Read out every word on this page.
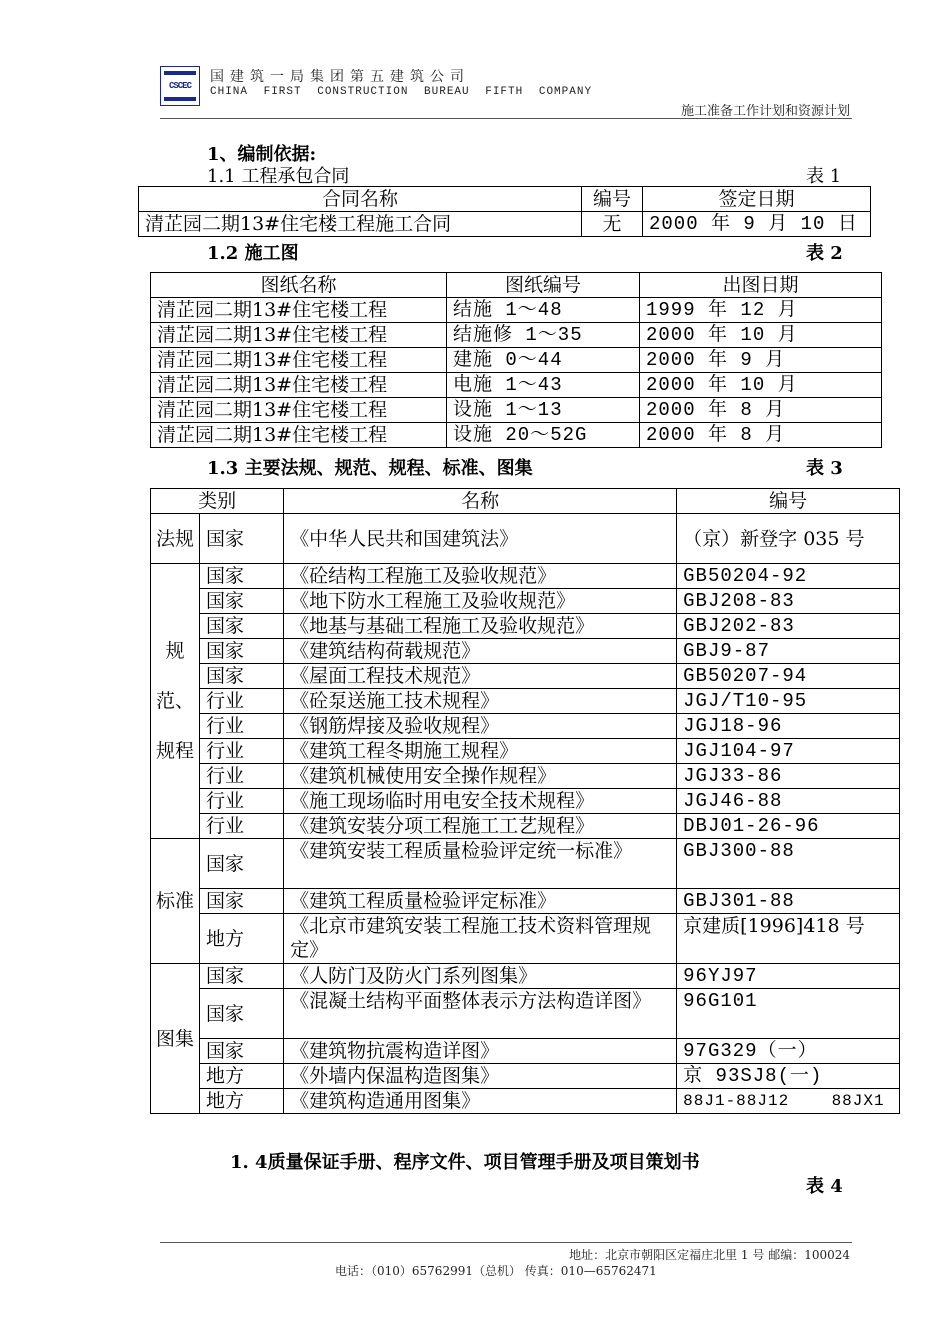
CSCEC
国建筑一局集团第五建筑公司
CHINA FIRST CONSTRUCTION BUREAU FIFTH COMPANY
施工准备工作计划和资源计划
1、编制依据:
1.1 工程承包合同	表 1
合同名称	编号	签定日期
清芷园二期13#住宅楼工程施工合同	无	2000 年 9 月 10 日
1.2 施工图	表 2
图纸名称	图纸编号	出图日期
清芷园二期13#住宅楼工程	结施 1～48	1999 年 12 月
清芷园二期13#住宅楼工程	结施修 1～35	2000 年 10 月
清芷园二期13#住宅楼工程	建施 0～44	2000 年 9 月
清芷园二期13#住宅楼工程	电施 1～43	2000 年 10 月
清芷园二期13#住宅楼工程	设施 1～13	2000 年 8 月
清芷园二期13#住宅楼工程	设施 20～52G	2000 年 8 月
1.3 主要法规、规范、规程、标准、图集	表 3
类别		名称	编号
法规	国家	《中华人民共和国建筑法》	（京）新登字 035 号
规范、规程	国家	《砼结构工程施工及验收规范》	GB50204-92
	国家	《地下防水工程施工及验收规范》	GBJ208-83
	国家	《地基与基础工程施工及验收规范》	GBJ202-83
	国家	《建筑结构荷载规范》	GBJ9-87
	国家	《屋面工程技术规范》	GB50207-94
	行业	《砼泵送施工技术规程》	JGJ/T10-95
	行业	《钢筋焊接及验收规程》	JGJ18-96
	行业	《建筑工程冬期施工规程》	JGJ104-97
	行业	《建筑机械使用安全操作规程》	JGJ33-86
	行业	《施工现场临时用电安全技术规程》	JGJ46-88
	行业	《建筑安装分项工程施工工艺规程》	DBJ01-26-96
标准	国家	《建筑安装工程质量检验评定统一标准》	GBJ300-88
	国家	《建筑工程质量检验评定标准》	GBJ301-88
	地方	《北京市建筑安装工程施工技术资料管理规定》	京建质[1996]418 号
图集	国家	《人防门及防火门系列图集》	96YJ97
	国家	《混凝土结构平面整体表示方法构造详图》	96G101
	国家	《建筑物抗震构造详图》	97G329（一）
	地方	《外墙内保温构造图集》	京 93SJ8(一)
	地方	《建筑构造通用图集》	88J1-88J12    88JX1
1. 4质量保证手册、程序文件、项目管理手册及项目策划书
表 4
地址：北京市朝阳区定福庄北里 1 号 邮编：100024
电话：（010）65762991（总机） 传真：010—65762471
